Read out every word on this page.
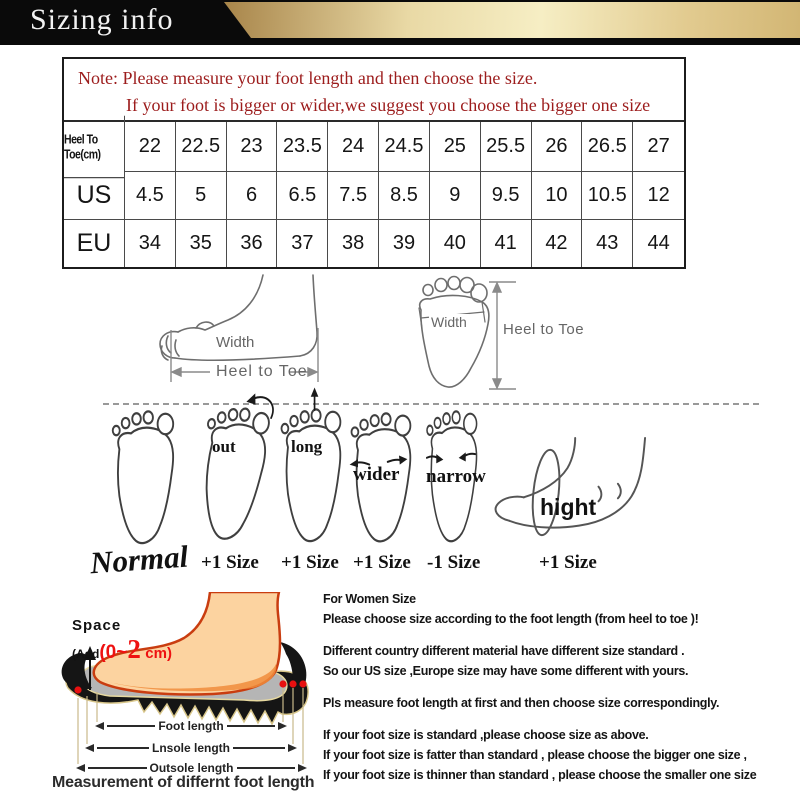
Sizing info
Note: Please measure your foot length and then choose the size.
If your foot is bigger or wider,we suggest you choose the bigger one size
Heel To Toe(cm)	22	22.5	23	23.5	24	24.5	25	25.5	26	26.5	27
US	4.5	5	6	6.5	7.5	8.5	9	9.5	10	10.5	12
EU	34	35	36	37	38	39	40	41	42	43	44
Width
Heel to Toe
Width Heel to Toe
out	long
wider narrow
hight
Normal +1 Size +1 Size +1 Size -1 Size	+1 Size
Space
(Add(0~2 cm)
Foot length
Lnsole length
Outsole length
Measurement of differnt foot length
For Women Size
Please choose size according to the foot length (from heel to toe )!
Different country different material have different size standard .
So our US size ,Europe size may have some different with yours.
Pls measure foot length at first and then choose size correspondingly.
If your foot size is standard ,please choose size as above.
If your foot size is fatter than standard , please choose the bigger one size ,
If your foot size is thinner than standard , please choose the smaller one size
